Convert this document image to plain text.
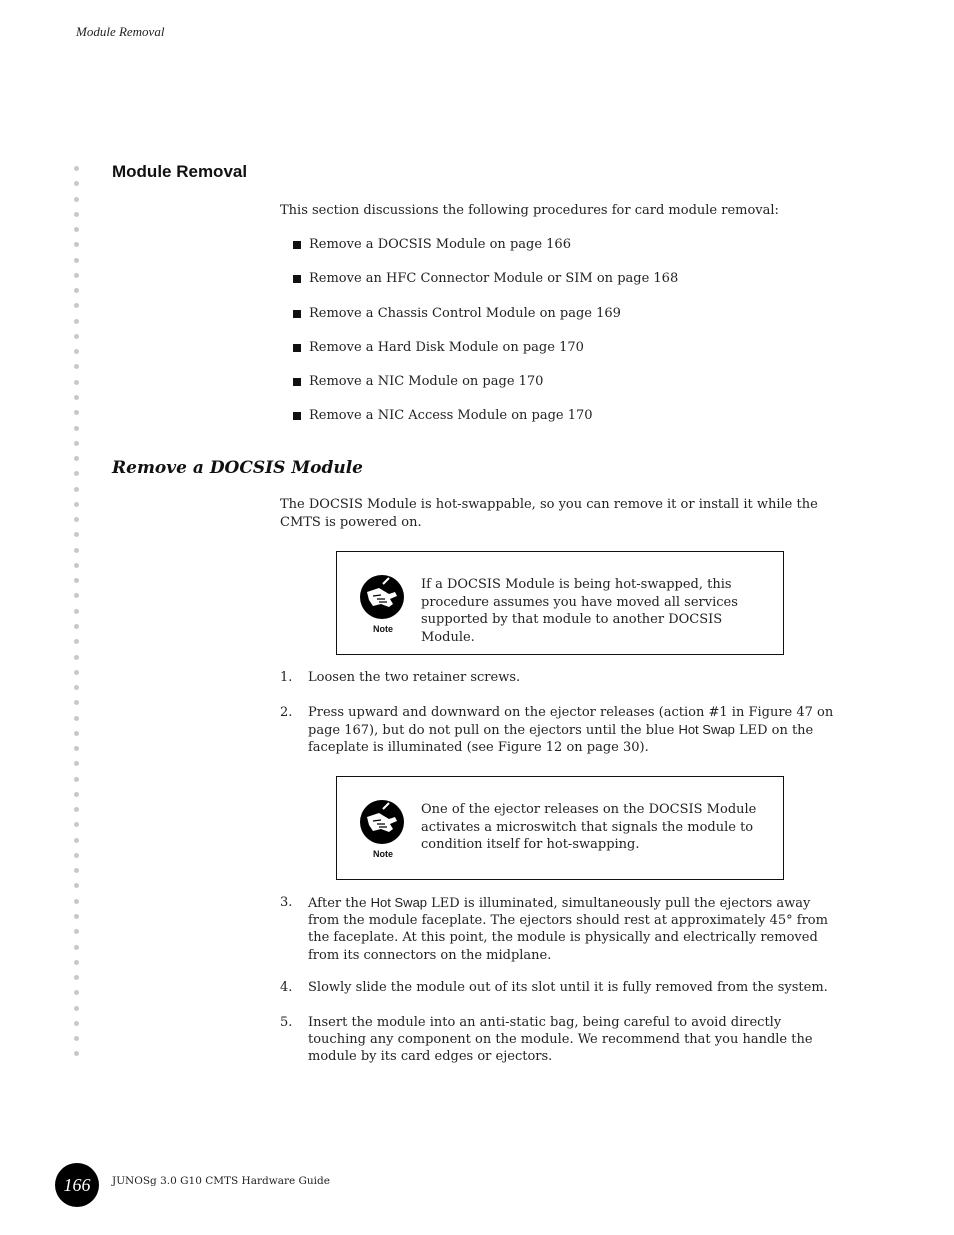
Module Removal
Module Removal
This section discussions the following procedures for card module removal:
Remove a DOCSIS Module on page 166
Remove an HFC Connector Module or SIM on page 168
Remove a Chassis Control Module on page 169
Remove a Hard Disk Module on page 170
Remove a NIC Module on page 170
Remove a NIC Access Module on page 170
Remove a DOCSIS Module
The DOCSIS Module is hot-swappable, so you can remove it or install it while the CMTS is powered on.
Note
If a DOCSIS Module is being hot-swapped, this procedure assumes you have moved all services supported by that module to another DOCSIS Module.
1.	Loosen the two retainer screws.
2.	Press upward and downward on the ejector releases (action #1 in Figure 47 on page 167), but do not pull on the ejectors until the blue Hot Swap LED on the faceplate is illuminated (see Figure 12 on page 30).
Note
One of the ejector releases on the DOCSIS Module activates a microswitch that signals the module to condition itself for hot-swapping.
3.	After the Hot Swap LED is illuminated, simultaneously pull the ejectors away from the module faceplate. The ejectors should rest at approximately 45° from the faceplate. At this point, the module is physically and electrically removed from its connectors on the midplane.
4.	Slowly slide the module out of its slot until it is fully removed from the system.
5.	Insert the module into an anti-static bag, being careful to avoid directly touching any component on the module. We recommend that you handle the module by its card edges or ejectors.
166	JUNOSg 3.0 G10 CMTS Hardware Guide
